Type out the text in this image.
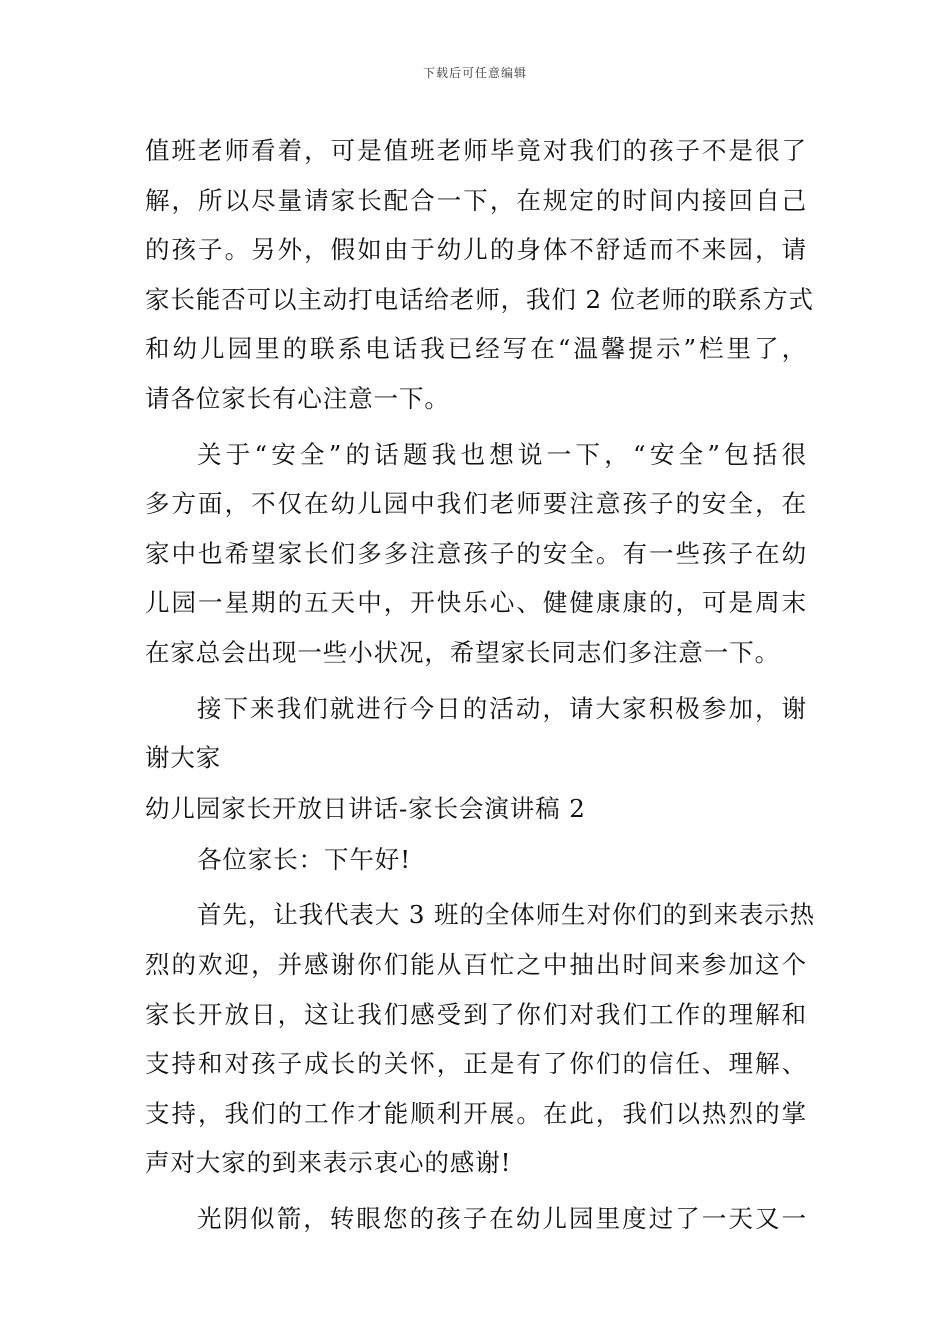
下载后可任意编辑
值班老师看着，可是值班老师毕竟对我们的孩子不是很了
解，所以尽量请家长配合一下，在规定的时间内接回自己
的孩子。另外，假如由于幼儿的身体不舒适而不来园，请
家长能否可以主动打电话给老师，我们 2 位老师的联系方式
和幼儿园里的联系电话我已经写在“温馨提示”栏里了，
请各位家长有心注意一下。
关于“安全”的话题我也想说一下，“安全”包括很
多方面，不仅在幼儿园中我们老师要注意孩子的安全，在
家中也希望家长们多多注意孩子的安全。有一些孩子在幼
儿园一星期的五天中，开快乐心、健健康康的，可是周末
在家总会出现一些小状况，希望家长同志们多注意一下。
接下来我们就进行今日的活动，请大家积极参加，谢
谢大家
幼儿园家长开放日讲话-家长会演讲稿 2
各位家长：下午好!
首先，让我代表大 3 班的全体师生对你们的到来表示热
烈的欢迎，并感谢你们能从百忙之中抽出时间来参加这个
家长开放日，这让我们感受到了你们对我们工作的理解和
支持和对孩子成长的关怀，正是有了你们的信任、理解、
支持，我们的工作才能顺利开展。在此，我们以热烈的掌
声对大家的到来表示衷心的感谢!
光阴似箭，转眼您的孩子在幼儿园里度过了一天又一
